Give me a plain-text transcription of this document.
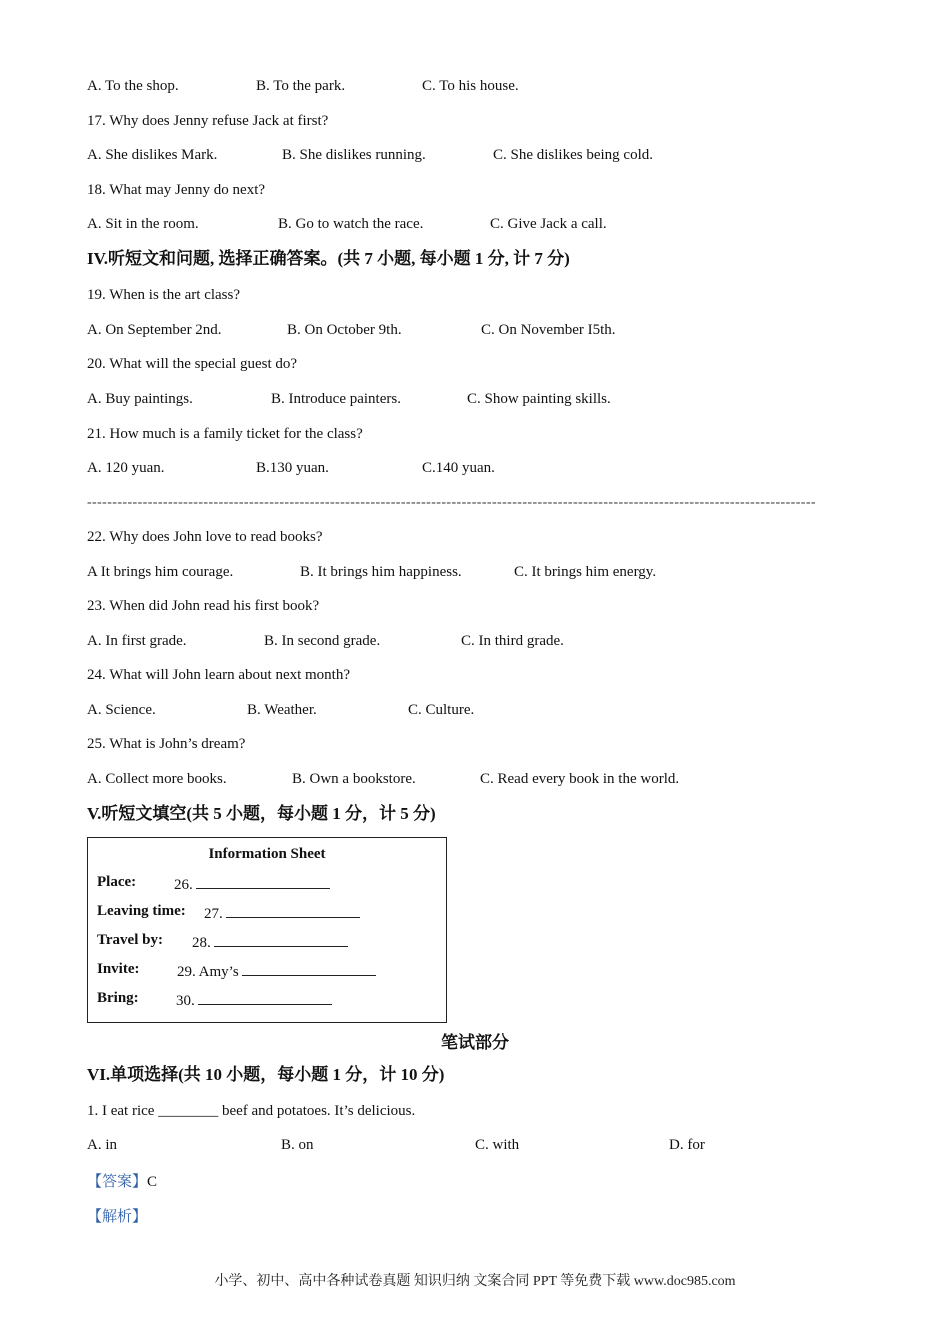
A. To the shop.	B. To the park.	C. To his house.
17. Why does Jenny refuse Jack at first?
A. She dislikes Mark.	B. She dislikes running.	C. She dislikes being cold.
18. What may Jenny do next?
A. Sit in the room.	B. Go to watch the race.	C. Give Jack a call.
IV.听短文和问题, 选择正确答案。(共 7 小题, 每小题 1 分, 计 7 分)
19. When is the art class?
A. On September 2nd.	B. On October 9th.	C. On November I5th.
20. What will the special guest do?
A. Buy paintings.	B. Introduce painters.	C. Show painting skills.
21. How much is a family ticket for the class?
A. 120 yuan.	B.130 yuan.	C.140 yuan.
------------------------------------------------------------------------------------------------------------------------------------------------
22. Why does John love to read books?
A It brings him courage.	B. It brings him happiness.	C. It brings him energy.
23. When did John read his first book?
A. In first grade.	B. In second grade.	C. In third grade.
24. What will John learn about next month?
A. Science.	B. Weather.	C. Culture.
25. What is John’s dream?
A. Collect more books.	B. Own a bookstore.	C. Read every book in the world.
V.听短文填空(共 5 小题，每小题 1 分，计 5 分)
Information Sheet
Place:	26.
Leaving time: 27.
Travel by: 28.
Invite:	29. Amy’s
Bring: 30.
笔试部分
VI.单项选择(共 10 小题，每小题 1 分，计 10 分)
1. I eat rice ________ beef and potatoes. It’s delicious.
A. in	B. on	C. with	D. for
【答案】C
【解析】
小学、初中、高中各种试卷真题 知识归纳 文案合同 PPT 等免费下载 www.doc985.com
